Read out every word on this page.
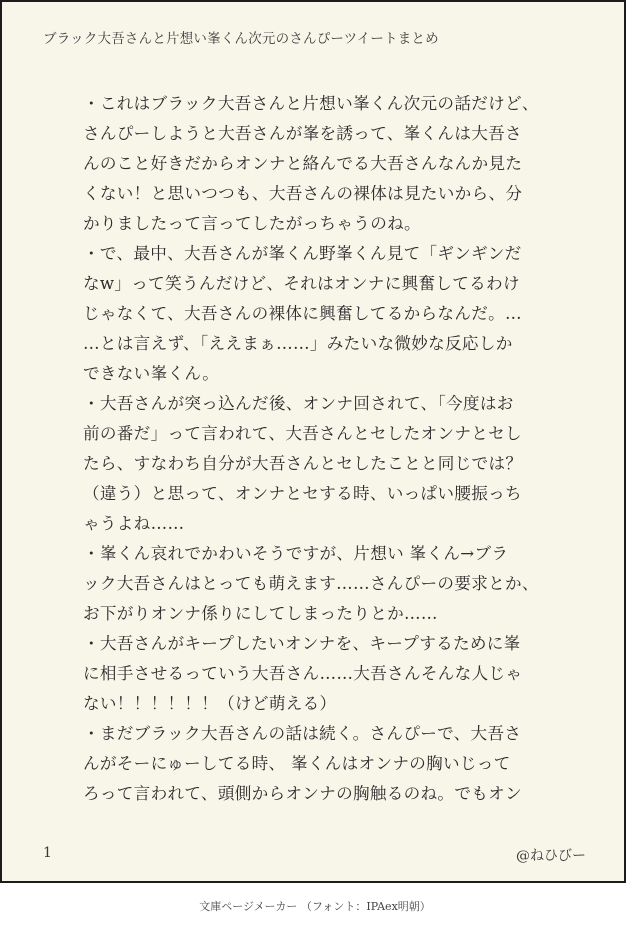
ブラック大吾さんと片想い峯くん次元のさんぴーツイートまとめ
・これはブラック大吾さんと片想い峯くん次元の話だけど、
さんぴーしようと大吾さんが峯を誘って、峯くんは大吾さ
んのこと好きだからオンナと絡んでる大吾さんなんか見た
くない！と思いつつも、大吾さんの裸体は見たいから、分
かりましたって言ってしたがっちゃうのね。
・で、最中、大吾さんが峯くん野峯くん見て「ギンギンだ
なw」って笑うんだけど、それはオンナに興奮してるわけ
じゃなくて、大吾さんの裸体に興奮してるからなんだ。…
…とは言えず、「ええまぁ……」みたいな微妙な反応しか
できない峯くん。
・大吾さんが突っ込んだ後、オンナ回されて、「今度はお
前の番だ」って言われて、大吾さんとセしたオンナとセし
たら、すなわち自分が大吾さんとセしたことと同じでは？
（違う）と思って、オンナとセする時、いっぱい腰振っち
ゃうよね……
・峯くん哀れでかわいそうですが、片想い 峯くん→ブラ
ック大吾さんはとっても萌えます……さんぴーの要求とか、
お下がりオンナ係りにしてしまったりとか……
・大吾さんがキープしたいオンナを、キープするために峯
に相手させるっていう大吾さん……大吾さんそんな人じゃ
ない！！！！！！（けど萌える）
・まだブラック大吾さんの話は続く。さんぴーで、大吾さ
んがそーにゅーしてる時、 峯くんはオンナの胸いじって
ろって言われて、頭側からオンナの胸触るのね。でもオン
1	@ねひびー
文庫ページメーカー （フォント：IPAex明朝）
